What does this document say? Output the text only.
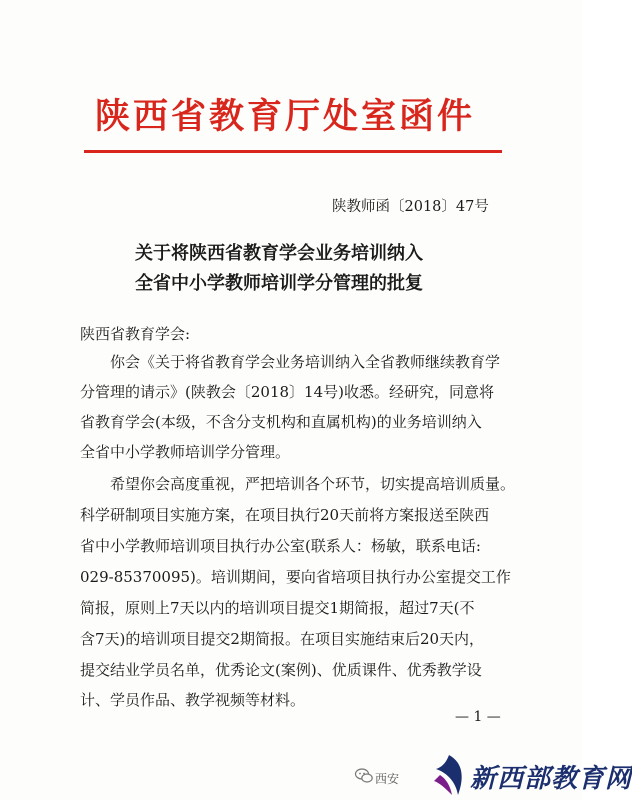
陕西省教育厅处室函件
陕教师函〔2018〕47号
关于将陕西省教育学会业务培训纳入
全省中小学教师培训学分管理的批复
陕西省教育学会:
你会《关于将省教育学会业务培训纳入全省教师继续教育学
分管理的请示》(陕教会〔2018〕14号)收悉。经研究，同意将
省教育学会(本级，不含分支机构和直属机构)的业务培训纳入
全省中小学教师培训学分管理。
希望你会高度重视，严把培训各个环节，切实提高培训质量。
科学研制项目实施方案，在项目执行20天前将方案报送至陕西
省中小学教师培训项目执行办公室(联系人：杨敏，联系电话:
029-85370095)。培训期间，要向省培项目执行办公室提交工作
简报，原则上7天以内的培训项目提交1期简报，超过7天(不
含7天)的培训项目提交2期简报。在项目实施结束后20天内，
提交结业学员名单，优秀论文(案例)、优质课件、优秀教学设
计、学员作品、教学视频等材料。
— 1 —
西安	新西部教育网
